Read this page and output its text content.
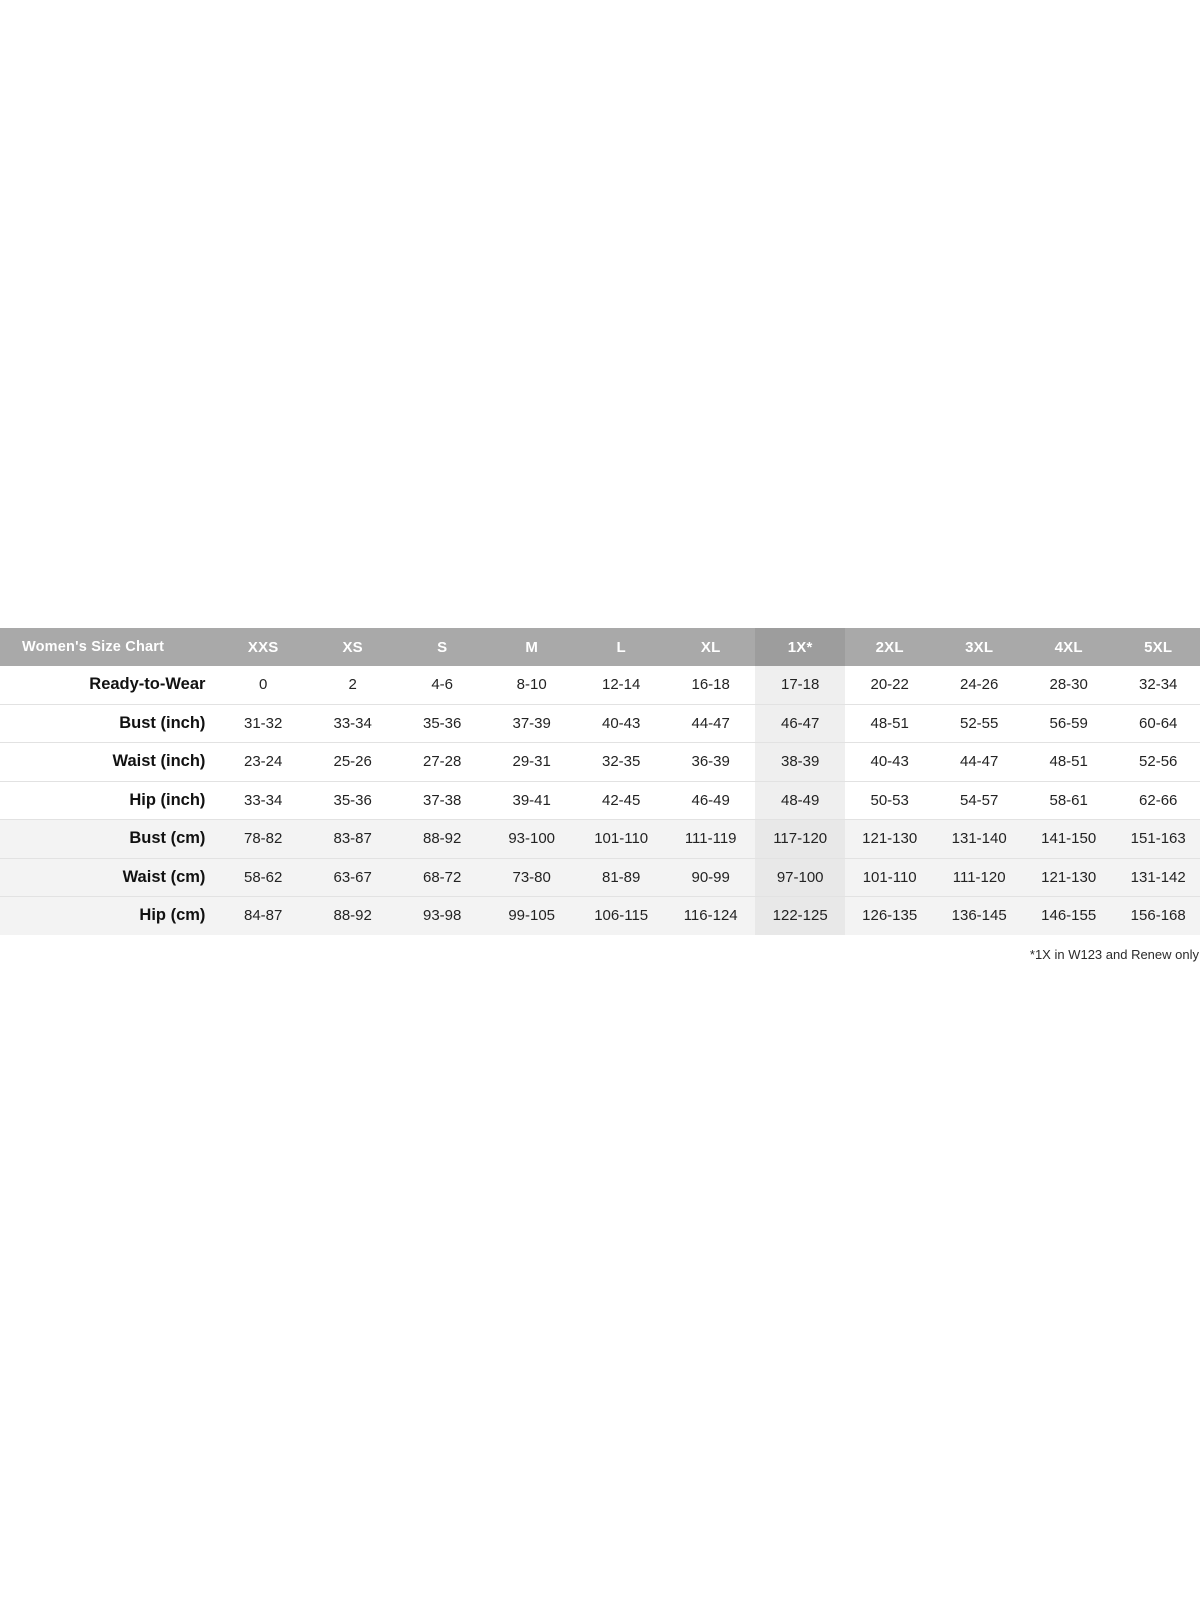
Women's Size Chart	XXS	XS	S	M	L	XL	1X*	2XL	3XL	4XL	5XL
Ready-to-Wear	0	2	4-6	8-10	12-14	16-18	17-18	20-22	24-26	28-30	32-34
Bust (inch)	31-32	33-34	35-36	37-39	40-43	44-47	46-47	48-51	52-55	56-59	60-64
Waist (inch)	23-24	25-26	27-28	29-31	32-35	36-39	38-39	40-43	44-47	48-51	52-56
Hip (inch)	33-34	35-36	37-38	39-41	42-45	46-49	48-49	50-53	54-57	58-61	62-66
Bust (cm)	78-82	83-87	88-92	93-100	101-110	111-119	117-120	121-130	131-140	141-150	151-163
Waist (cm)	58-62	63-67	68-72	73-80	81-89	90-99	97-100	101-110	111-120	121-130	131-142
Hip (cm)	84-87	88-92	93-98	99-105	106-115	116-124	122-125	126-135	136-145	146-155	156-168
*1X in W123 and Renew only
